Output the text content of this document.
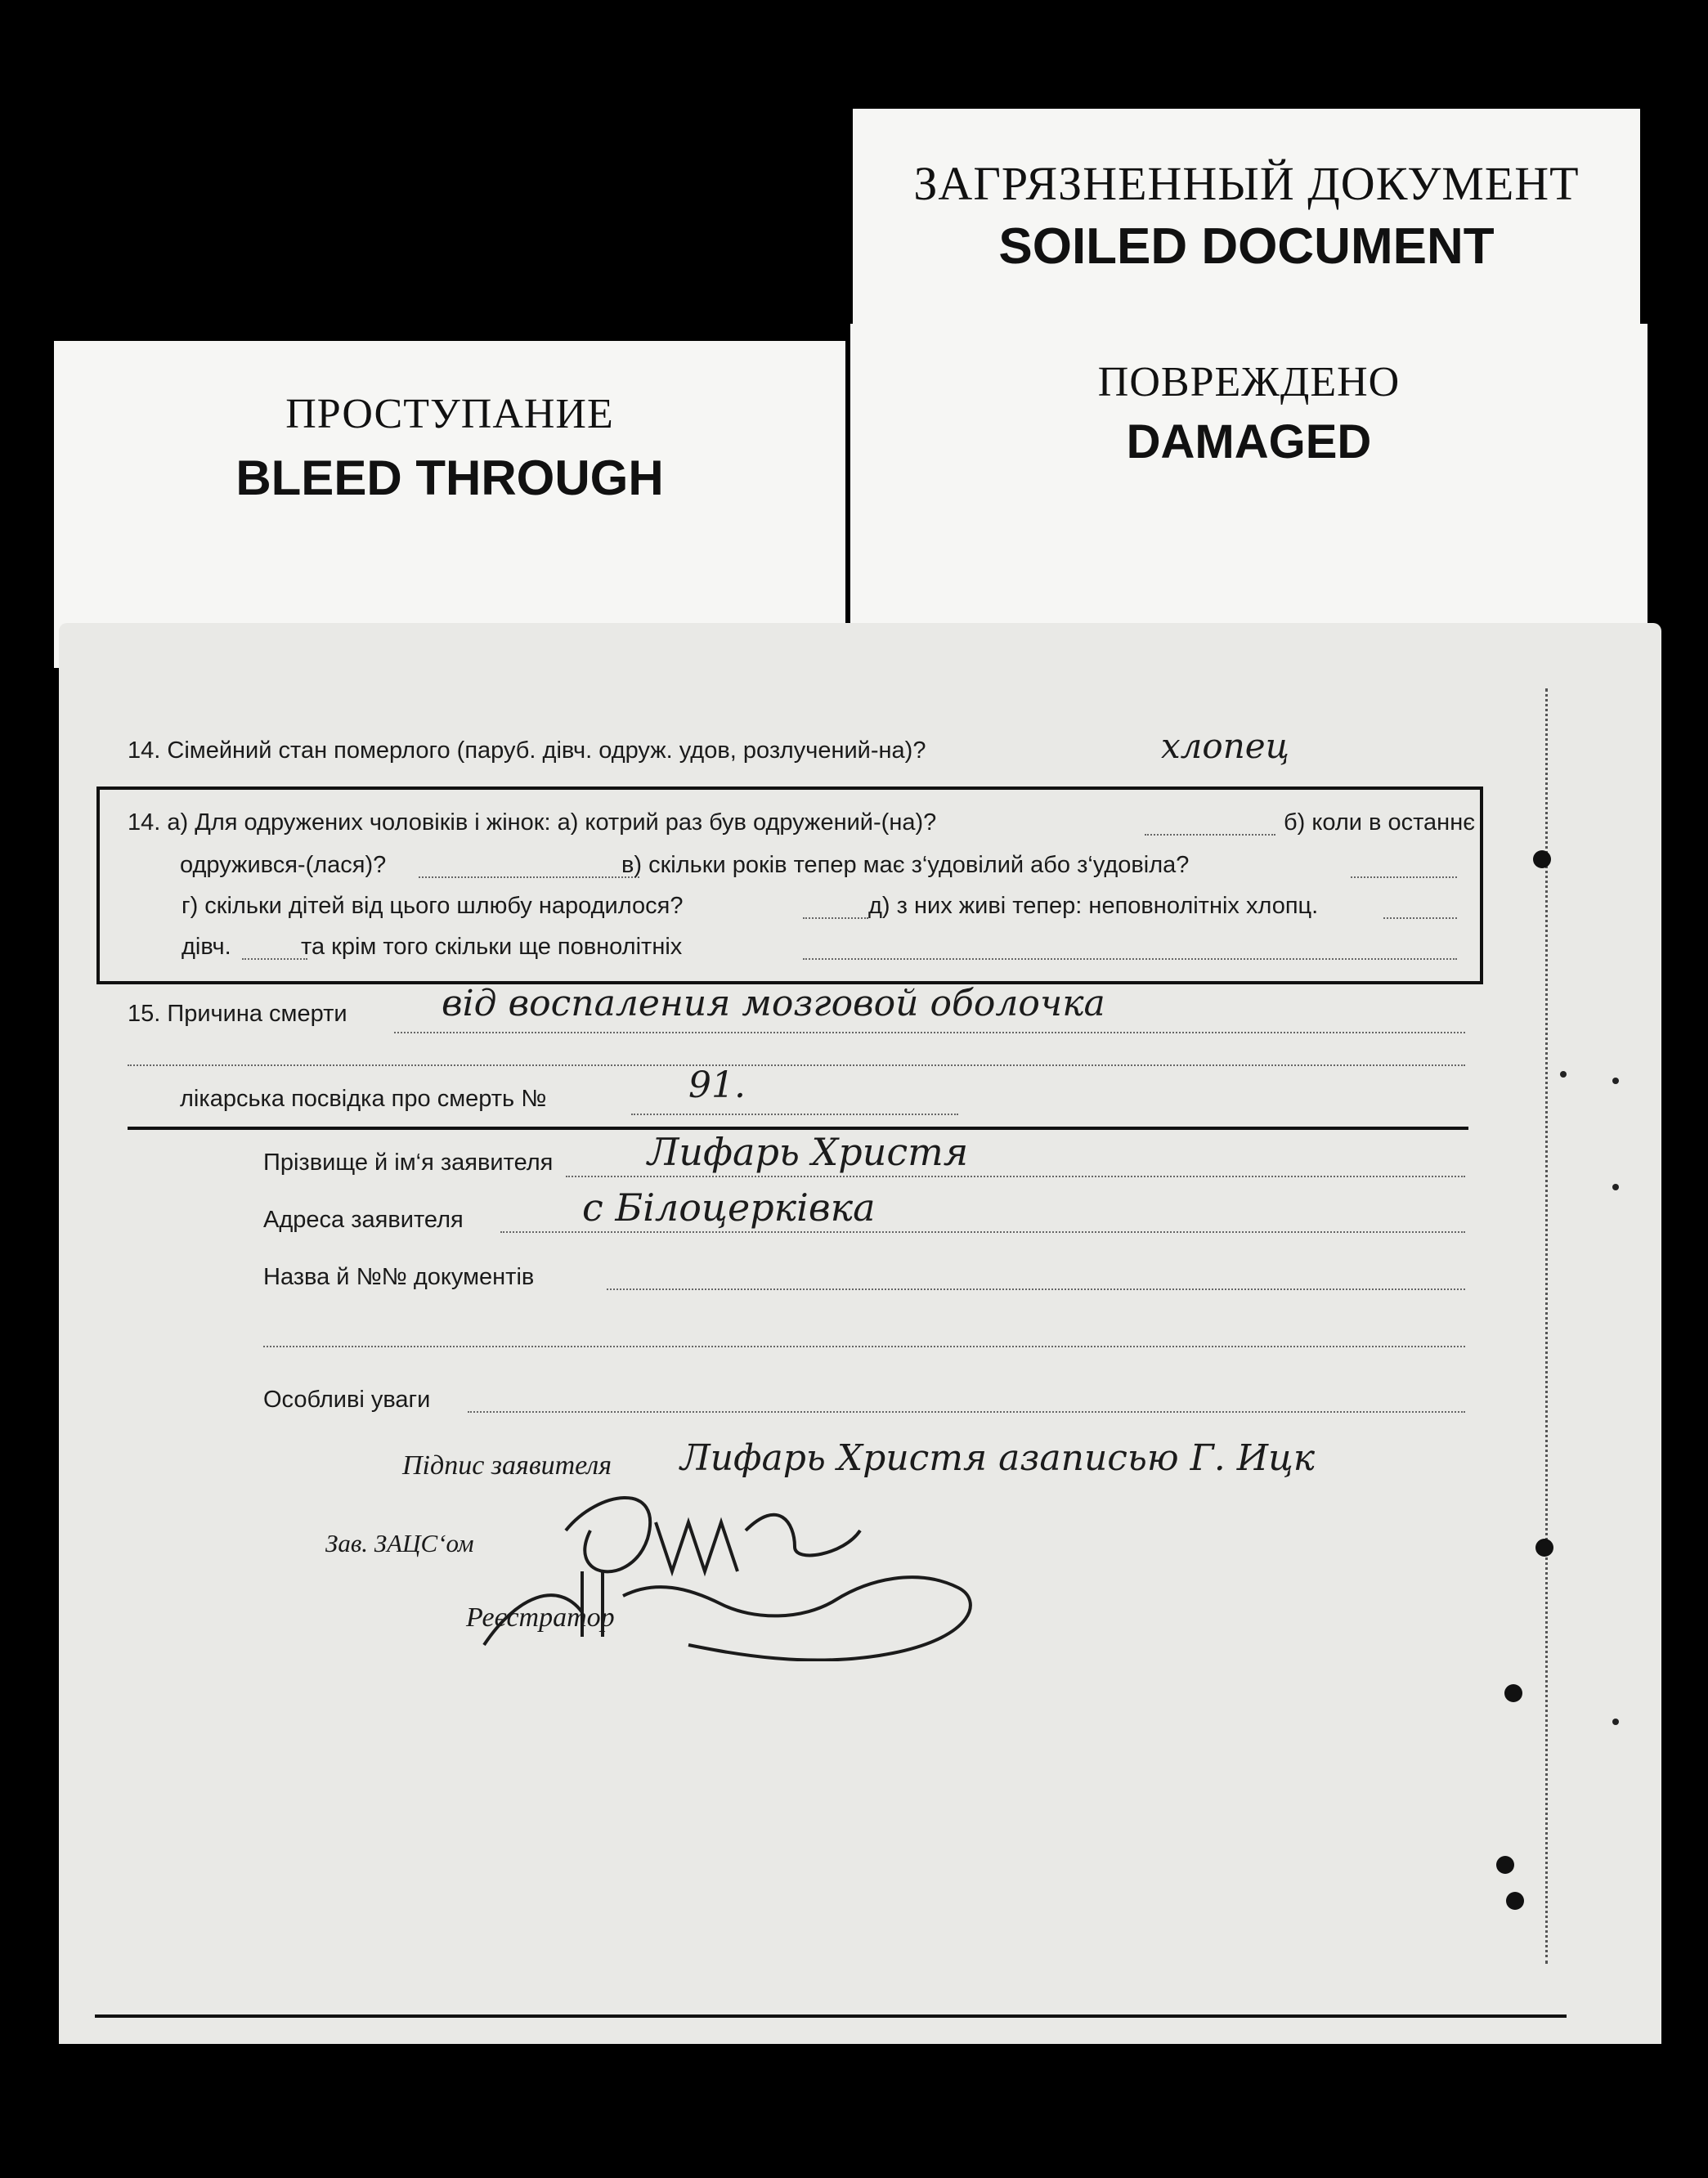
ЗАГРЯЗНЕННЫЙ ДОКУМЕНТ
SOILED DOCUMENT
ПРОСТУПАНИЕ
BLEED THROUGH
ПОВРЕЖДЕНО
DAMAGED
14. Сімейний стан померлого (паруб. дівч. одруж. удов, розлучений-на)?	хлопец
14. а) Для одружених чоловіків і жінок: а) котрий раз був одружений-(на)?	б) коли в останнє
одружився-(лася)?	в) скільки років тепер має з‘удовілий або з‘удовіла?
г) скільки дітей від цього шлюбу народилося?	д) з них живі тепер: неповнолітніх хлопц.
дівч.	та крім того скільки ще повнолітніх
15. Причина смерти	від воспаления мозговой оболочка
лікарська посвідка про смерть №	91.
Прізвище й ім‘я заявителя	Лифарь Христя
Адреса заявителя	с Білоцерківка
Назва й №№ документів
Особливі уваги
Підпис заявителя Лифарь Христя азаписью Г. Ицк
Зав. ЗАЦС‘ом
Реєстратор
